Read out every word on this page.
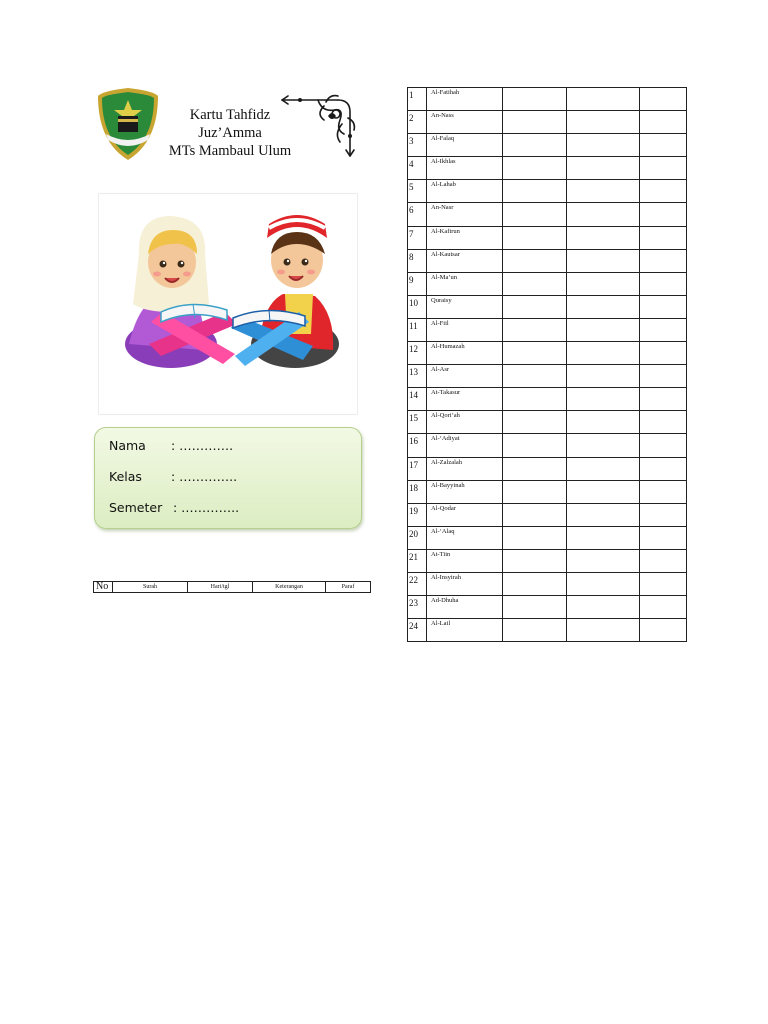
Kartu Tahfidz
Juz’Amma
MTs Mambaul Ulum
Nama	: ………….
Kelas	: …………..
Semeter : …………..
No	Surah	Hari/tgl	Keterangan	Paraf
1	Al-Fatihah			
2	An-Nass			
3	Al-Falaq			
4	Al-Ikhlas			
5	Al-Lahab			
6	An-Nasr			
7	Al-Kafirun			
8	Al-Kautsar			
9	Al-Ma’un			
10	Quraisy			
11	Al-Fiil			
12	Al-Humazah			
13	Al-Asr			
14	At-Takasur			
15	Al-Qori’ah			
16	Al-‘Adiyat			
17	Al-Zalzalah			
18	Al-Bayyinah			
19	Al-Qodar			
20	Al-‘Alaq			
21	At-Tiin			
22	Al-Insyirah			
23	Ad-Dhuha			
24	Al-Lail			
